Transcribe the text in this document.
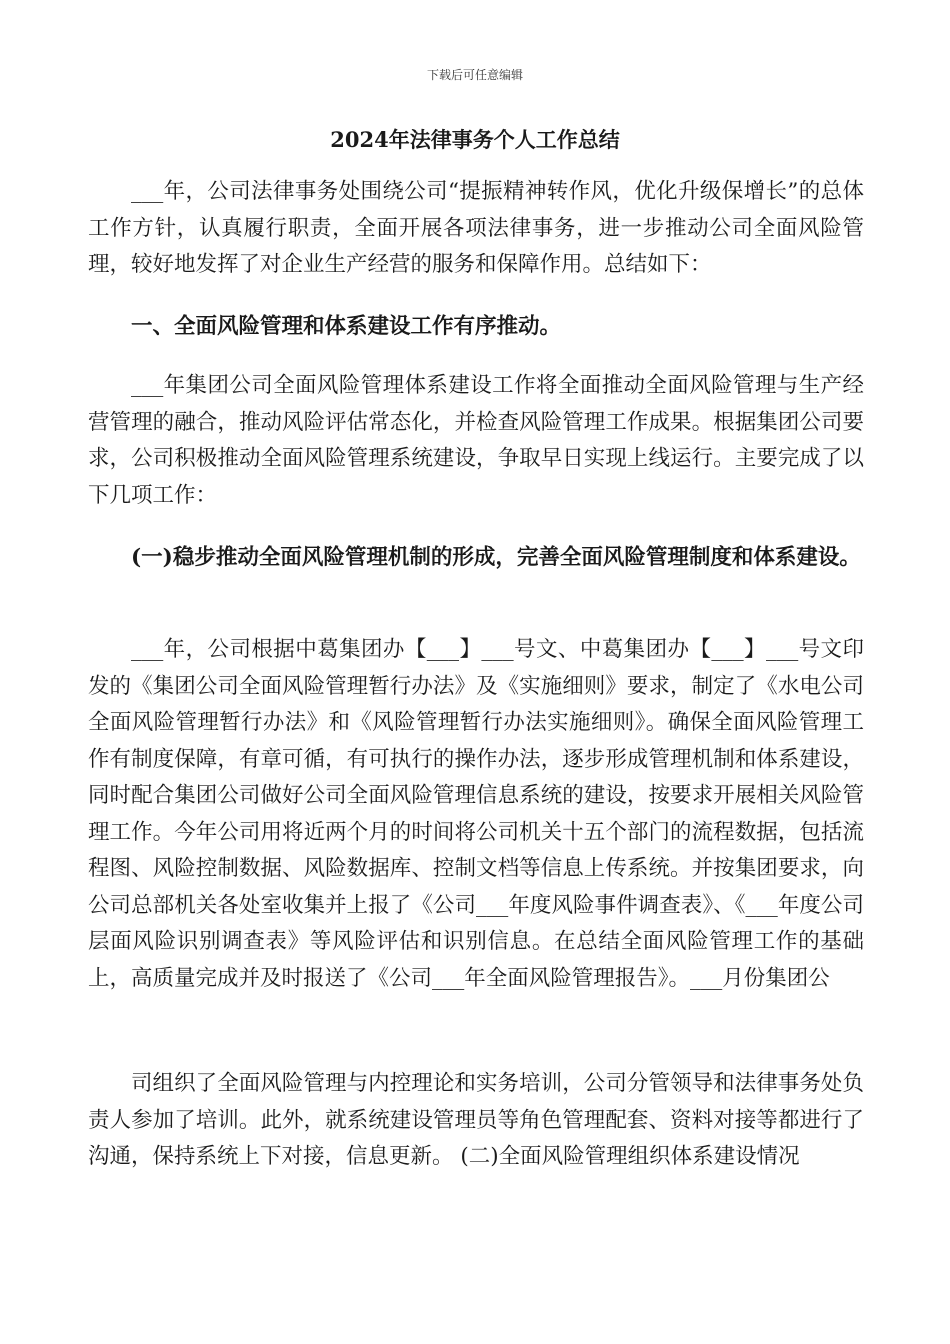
下载后可任意编辑
2024年法律事务个人工作总结

___年，公司法律事务处围绕公司“提振精神转作风，优化升级保增长”的总体工作方针，认真履行职责，全面开展各项法律事务，进一步推动公司全面风险管理，较好地发挥了对企业生产经营的服务和保障作用。总结如下：

一、全面风险管理和体系建设工作有序推动。

___年集团公司全面风险管理体系建设工作将全面推动全面风险管理与生产经营管理的融合，推动风险评估常态化，并检查风险管理工作成果。根据集团公司要求，公司积极推动全面风险管理系统建设，争取早日实现上线运行。主要完成了以下几项工作：

(一)稳步推动全面风险管理机制的形成，完善全面风险管理制度和体系建设。

___年，公司根据中葛集团办【___】___号文、中葛集团办【___】___号文印发的《集团公司全面风险管理暂行办法》及《实施细则》要求，制定了《水电公司全面风险管理暂行办法》和《风险管理暂行办法实施细则》。确保全面风险管理工作有制度保障，有章可循，有可执行的操作办法，逐步形成管理机制和体系建设，同时配合集团公司做好公司全面风险管理信息系统的建设，按要求开展相关风险管理工作。今年公司用将近两个月的时间将公司机关十五个部门的流程数据，包括流程图、风险控制数据、风险数据库、控制文档等信息上传系统。并按集团要求，向公司总部机关各处室收集并上报了《公司___年度风险事件调查表》、《___年度公司层面风险识别调查表》等风险评估和识别信息。在总结全面风险管理工作的基础上，高质量完成并及时报送了《公司___年全面风险管理报告》。___月份集团公

司组织了全面风险管理与内控理论和实务培训，公司分管领导和法律事务处负责人参加了培训。此外，就系统建设管理员等角色管理配套、资料对接等都进行了沟通，保持系统上下对接，信息更新。 (二)全面风险管理组织体系建设情况
